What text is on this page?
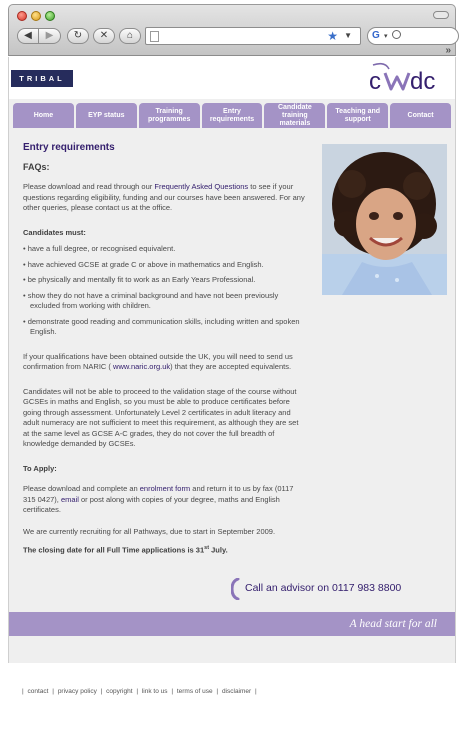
◀	▶	↻	✕	⌂	★ ▼ G ▾
»
TRIBAL	c dc
Home	EYP status
Training programmes
Entry requirements
Candidate training materials
Teaching and support
Contact
Entry requirements
FAQs:

Please download and read through our Frequently Asked Questions to see if your questions regarding eligibility, funding and our courses have been answered. For any other queries, please contact us at the office.

Candidates must:

• have a full degree, or recognised equivalent.

• have achieved GCSE at grade C or above in mathematics and English.

• be physically and mentally fit to work as an Early Years Professional.

• show they do not have a criminal background and have not been previously excluded from working with children.

• demonstrate good reading and communication skills, including written and spoken English.

If your qualifications have been obtained outside the UK, you will need to send us confirmation from NARIC ( www.naric.org.uk) that they are accepted equivalents.

Candidates will not be able to proceed to the validation stage of the course without GCSEs in maths and English, so you must be able to produce certificates before going through assessment. Unfortunately Level 2 certificates in adult literacy and adult numeracy are not sufficient to meet this requirement, as although they are set at the same level as GCSE A-C grades, they do not cover the full breadth of knowledge demanded by GCSEs.

To Apply:

Please download and complete an enrolment form and return it to us by fax (0117 315 0427), email or post along with copies of your degree, maths and English certificates.

We are currently recruiting for all Pathways, due to start in September 2009.

The closing date for all Full Time applications is 31st July.

Call an advisor on 0117 983 8800
A head start for all
| contact | privacy policy | copyright | link to us | terms of use | disclaimer |
